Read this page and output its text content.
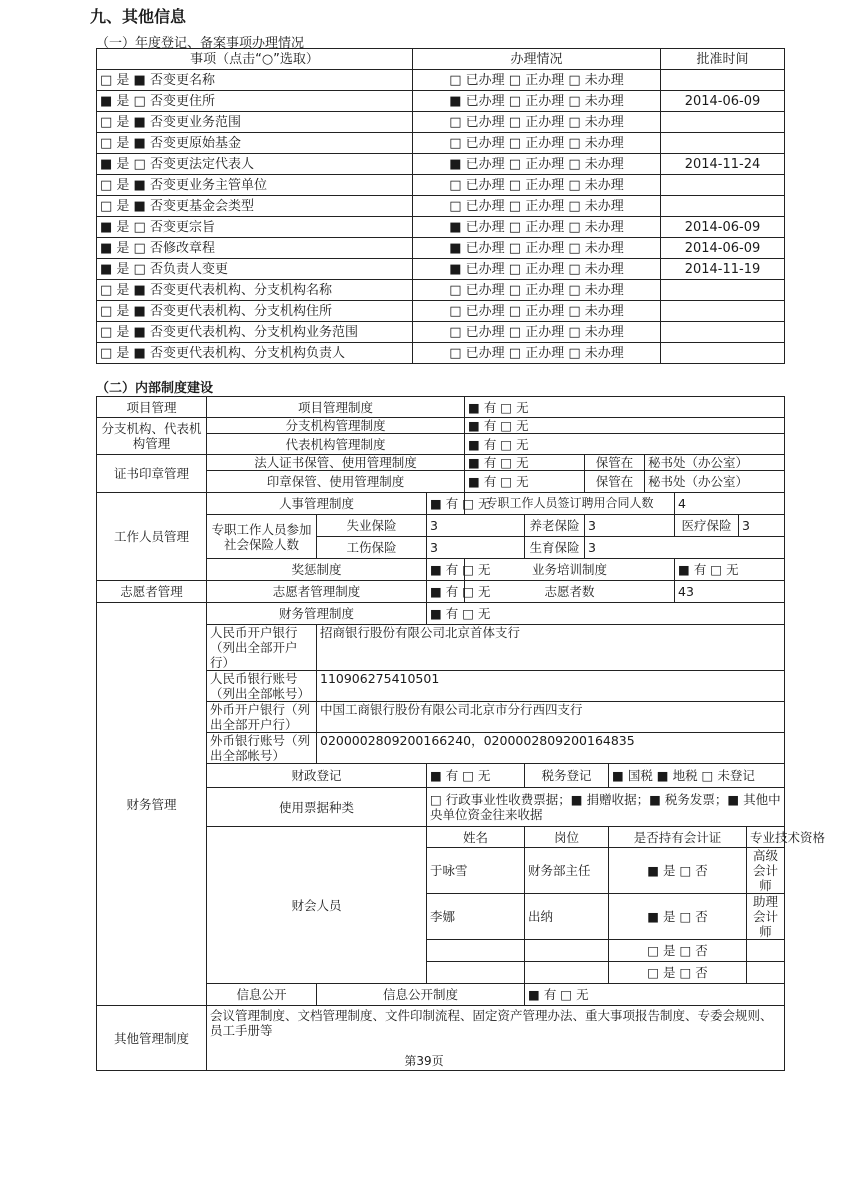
九、其他信息
（一）年度登记、备案事项办理情况
事项（点击“○”选取）	办理情况	批准时间
□ 是 ■ 否变更名称	□ 已办理 □ 正办理 □ 未办理	
■ 是 □ 否变更住所	■ 已办理 □ 正办理 □ 未办理	2014-06-09
□ 是 ■ 否变更业务范围	□ 已办理 □ 正办理 □ 未办理	
□ 是 ■ 否变更原始基金	□ 已办理 □ 正办理 □ 未办理	
■ 是 □ 否变更法定代表人	■ 已办理 □ 正办理 □ 未办理	2014-11-24
□ 是 ■ 否变更业务主管单位	□ 已办理 □ 正办理 □ 未办理	
□ 是 ■ 否变更基金会类型	□ 已办理 □ 正办理 □ 未办理	
■ 是 □ 否变更宗旨	■ 已办理 □ 正办理 □ 未办理	2014-06-09
■ 是 □ 否修改章程	■ 已办理 □ 正办理 □ 未办理	2014-06-09
■ 是 □ 否负责人变更	■ 已办理 □ 正办理 □ 未办理	2014-11-19
□ 是 ■ 否变更代表机构、分支机构名称	□ 已办理 □ 正办理 □ 未办理	
□ 是 ■ 否变更代表机构、分支机构住所	□ 已办理 □ 正办理 □ 未办理	
□ 是 ■ 否变更代表机构、分支机构业务范围	□ 已办理 □ 正办理 □ 未办理	
□ 是 ■ 否变更代表机构、分支机构负责人	□ 已办理 □ 正办理 □ 未办理	
（二）内部制度建设
项目管理	项目管理制度			■ 有 □ 无							
分支机构、代表机构管理	分支机构管理制度			■ 有 □ 无							
	代表机构管理制度			■ 有 □ 无							
证书印章管理	法人证书保管、使用管理制度			■ 有 □ 无		保管在		秘书处（办公室）			
	印章保管、使用管理制度			■ 有 □ 无		保管在		秘书处（办公室）			
工作人员管理	人事管理制度		■ 有 □ 无	专职工作人员签订聘用合同人数					4		
	专职工作人员参加社会保险人数	失业保险	3		养老保险	3			医疗保险	3	
		工伤保险	3		生育保险	3					
	奖惩制度		■ 有 □ 无	业务培训制度					■ 有 □ 无		
志愿者管理	志愿者管理制度		■ 有 □ 无	志愿者数					43		
财务管理	财务管理制度		■ 有 □ 无								
	人民币开户银行（列出全部开户行）	招商银行股份有限公司北京首体支行									
	人民币银行账号（列出全部帐号）	110906275410501									
	外币开户银行（列出全部开户行）	中国工商银行股份有限公司北京市分行西四支行									
	外币银行账号（列出全部帐号）	0200002809200166240，0200002809200164835									
	财政登记		■ 有 □ 无		税务登记		■ 国税 ■ 地税 □ 未登记				
	使用票据种类		□ 行政事业性收费票据；■ 捐赠收据；■ 税务发票；■ 其他中央单位资金往来收据								
	财会人员		姓名		岗位		是否持有会计证				专业技术资格
			于咏雪		财务部主任		■ 是 □ 否				高级会计师
			李娜		出纳		■ 是 □ 否				助理会计师
							□ 是 □ 否				
							□ 是 □ 否				
	信息公开	信息公开制度			■ 有 □ 无						
其他管理制度	会议管理制度、文档管理制度、文件印制流程、固定资产管理办法、重大事项报告制度、专委会规则、员工手册等										
第39页
